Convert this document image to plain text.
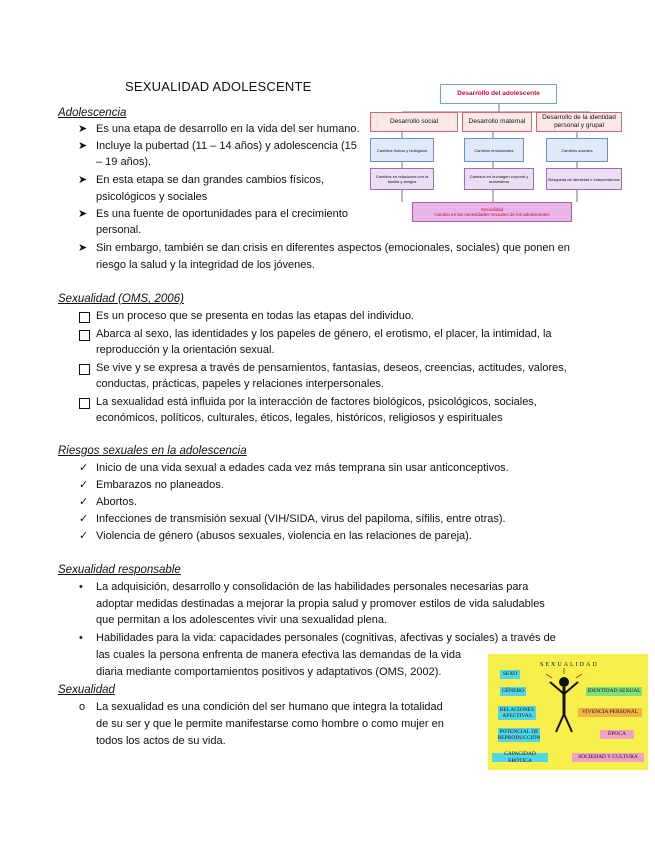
SEXUALIDAD ADOLESCENTE
Adolescencia
➤ Es una etapa de desarrollo en la vida del ser humano.
➤ Incluye la pubertad (11 – 14 años) y adolescencia (15
– 19 años).
➤ En esta etapa se dan grandes cambios físicos,
psicológicos y sociales
➤ Es una fuente de oportunidades para el crecimiento
personal.
➤ Sin embargo, también se dan crisis en diferentes aspectos (emocionales, sociales) que ponen en
riesgo la salud y la integridad de los jóvenes.
Desarrollo del adolescente
Desarrollo social	Desarrollo maternal
Desarrollo de la identidad personal y grupal
Cambios físicos y biológicos	Cambios emocionales	Cambios sociales
Cambios en relaciones con la familia y amigos
Cambios en la imagen corporal y autoestima	Búsqueda de identidad e independencia
Sexualidad
Cambio en las necesidades sexuales de los adolescentes
Sexualidad (OMS, 2006)
Es un proceso que se presenta en todas las etapas del individuo.
Abarca al sexo, las identidades y los papeles de género, el erotismo, el placer, la intimidad, la
reproducción y la orientación sexual.
Se vive y se expresa a través de pensamientos, fantasías, deseos, creencias, actitudes, valores,
conductas, prácticas, papeles y relaciones interpersonales.
La sexualidad está influida por la interacción de factores biológicos, psicológicos, sociales,
económicos, políticos, culturales, éticos, legales, históricos, religiosos y espirituales
Riesgos sexuales en la adolescencia
✓ Inicio de una vida sexual a edades cada vez más temprana sin usar anticonceptivos.
✓ Embarazos no planeados.
✓ Abortos.
✓ Infecciones de transmisión sexual (VIH/SIDA, virus del papiloma, sífilis, entre otras).
✓ Violencia de género (abusos sexuales, violencia en las relaciones de pareja).
Sexualidad responsable
• La adquisición, desarrollo y consolidación de las habilidades personales necesarias para
adoptar medidas destinadas a mejorar la propia salud y promover estilos de vida saludables
que permitan a los adolescentes vivir una sexualidad plena.
• Habilidades para la vida: capacidades personales (cognitivas, afectivas y sociales) a través de
las cuales la persona enfrenta de manera efectiva las demandas de la vida
diaria mediante comportamientos positivos y adaptativos (OMS, 2002).
Sexualidad
o La sexualidad es una condición del ser humano que integra la totalidad
de su ser y que le permite manifestarse como hombre o como mujer en
todos los actos de su vida.
SEXUALIDAD
SEXO
GÉNERO
RELACIONES AFECTIVAS
POTENCIAL DE REPRODUCCIÓN
CAPACIDAD ERÓTICA
IDENTIDAD SEXUAL
VIVENCIA PERSONAL
ÉPOCA
SOCIEDAD Y CULTURA
